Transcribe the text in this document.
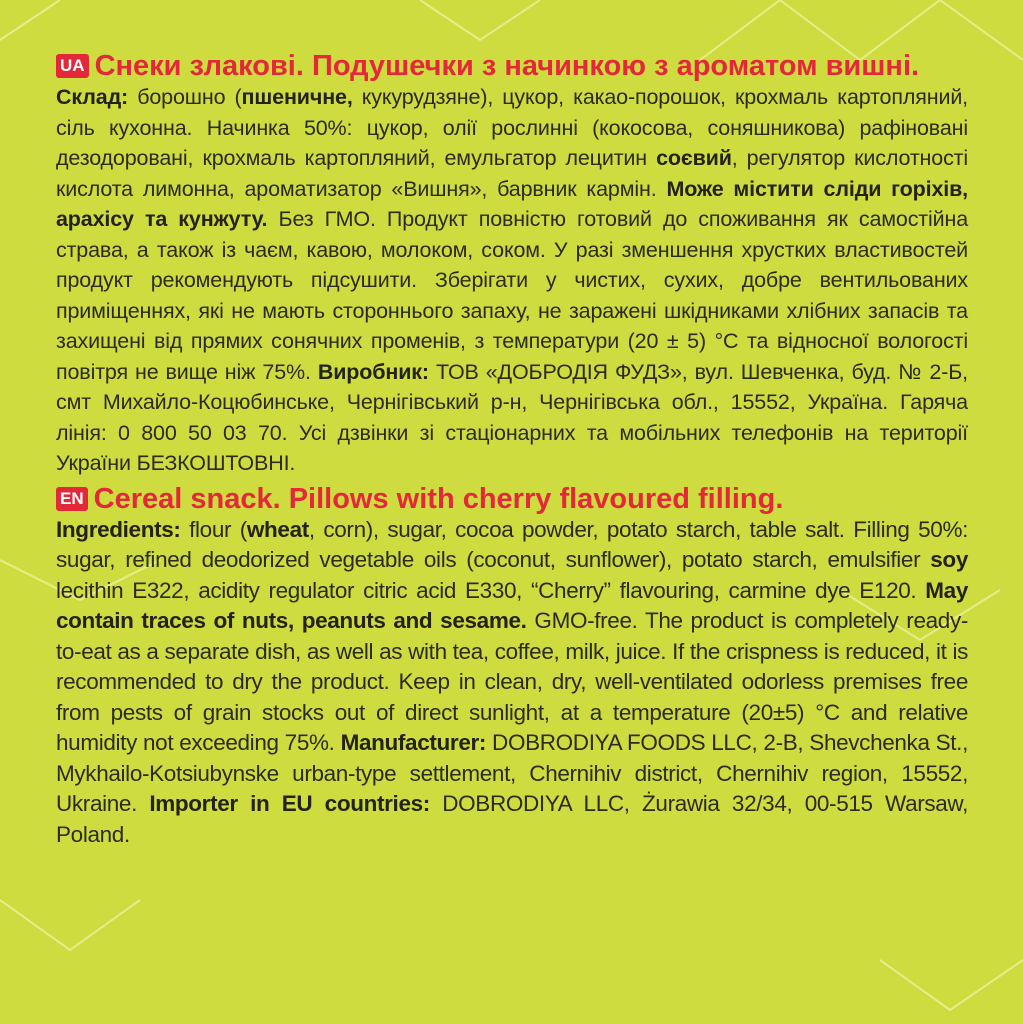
UA Снеки злакові. Подушечки з начинкою з ароматом вишні.

Склад: борошно (пшеничне, кукурудзяне), цукор, какао-порошок, крохмаль картопляний, сіль кухонна. Начинка 50%: цукор, олії рослинні (кокосова, соняшникова) рафіновані дезодоровані, крохмаль картопляний, емульгатор лецитин соєвий, регулятор кислотності кислота лимонна, ароматизатор «Вишня», барвник кармін. Може містити сліди горіхів, арахісу та кунжуту. Без ГМО. Продукт повністю готовий до споживання як самостійна страва, а також із чаєм, кавою, молоком, соком. У разі зменшення хрустких властивостей продукт рекомендують підсушити. Зберігати у чистих, сухих, добре вентильованих приміщеннях, які не мають стороннього запаху, не заражені шкідниками хлібних запасів та захищені від прямих сонячних променів, з температури (20 ± 5) °С та відносної вологості повітря не вище ніж 75%. Виробник: ТОВ «ДОБРОДІЯ ФУДЗ», вул. Шевченка, буд. № 2-Б, смт Михайло-Коцюбинське, Чернігівський р-н, Чернігівська обл., 15552, Україна. Гаряча лінія: 0 800 50 03 70. Усі дзвінки зі стаціонарних та мобільних телефонів на території України БЕЗКОШТОВНІ.

EN Cereal snack. Pillows with cherry flavoured filling.

Ingredients: flour (wheat, corn), sugar, cocoa powder, potato starch, table salt. Filling 50%: sugar, refined deodorized vegetable oils (coconut, sunflower), potato starch, emulsifier soy lecithin E322, acidity regulator citric acid E330, “Cherry” flavouring, carmine dye E120. May contain traces of nuts, peanuts and sesame. GMO-free. The product is completely ready-to-eat as a separate dish, as well as with tea, coffee, milk, juice. If the crispness is reduced, it is recommended to dry the product. Keep in clean, dry, well-ventilated odorless premises free from pests of grain stocks out of direct sunlight, at a temperature (20±5) °C and relative humidity not exceeding 75%. Manufacturer: DOBRODIYA FOODS LLC, 2-B, Shevchenka St., Mykhailo-Kotsiubynske urban-type settlement, Chernihiv district, Chernihiv region, 15552, Ukraine. Importer in EU countries: DOBRODIYA LLC, Żurawia 32/34, 00-515 Warsaw, Poland.
